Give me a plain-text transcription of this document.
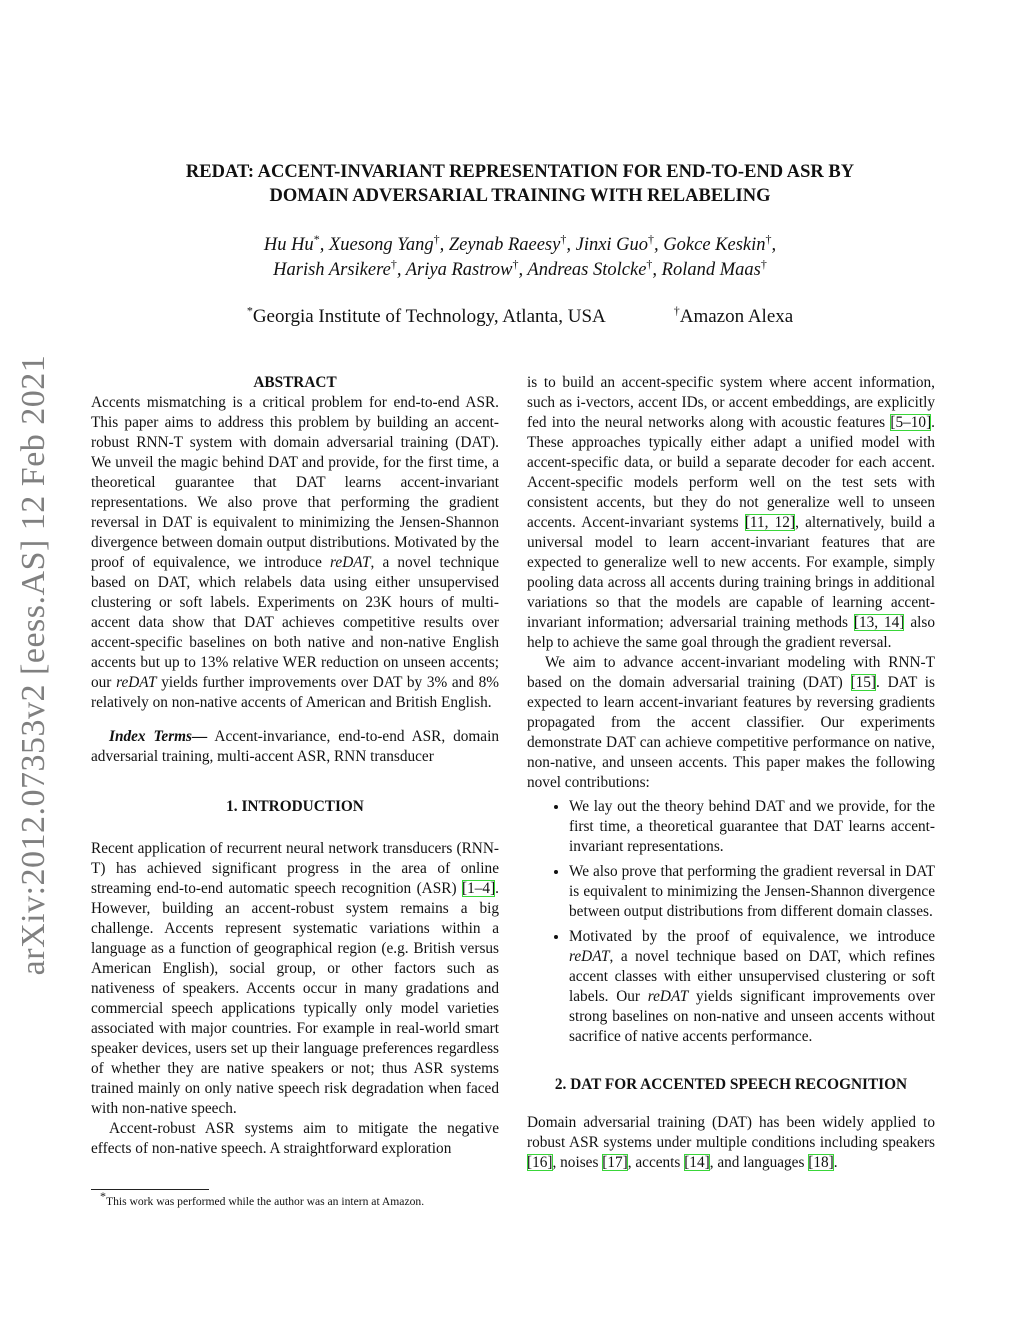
arXiv:2012.07353v2 [eess.AS] 12 Feb 2021
REDAT: ACCENT-INVARIANT REPRESENTATION FOR END-TO-END ASR BY
DOMAIN ADVERSARIAL TRAINING WITH RELABELING
Hu Hu*, Xuesong Yang†, Zeynab Raeesy†, Jinxi Guo†, Gokce Keskin†,
Harish Arsikere†, Ariya Rastrow†, Andreas Stolcke†, Roland Maas†
*Georgia Institute of Technology, Atlanta, USA	†Amazon Alexa
ABSTRACT

Accents mismatching is a critical problem for end-to-end ASR. This paper aims to address this problem by building an accent-robust RNN-T system with domain adversarial training (DAT). We unveil the magic behind DAT and provide, for the first time, a theoretical guarantee that DAT learns accent-invariant representations. We also prove that performing the gradient reversal in DAT is equivalent to minimizing the Jensen-Shannon divergence between domain output distributions. Motivated by the proof of equivalence, we introduce reDAT, a novel technique based on DAT, which relabels data using either unsupervised clustering or soft labels. Experiments on 23K hours of multi-accent data show that DAT achieves competitive results over accent-specific baselines on both native and non-native English accents but up to 13% relative WER reduction on unseen accents; our reDAT yields further improvements over DAT by 3% and 8% relatively on non-native accents of American and British English.

Index Terms— Accent-invariance, end-to-end ASR, domain adversarial training, multi-accent ASR, RNN transducer

1. INTRODUCTION

Recent application of recurrent neural network transducers (RNN-T) has achieved significant progress in the area of online streaming end-to-end automatic speech recognition (ASR) [1–4]. However, building an accent-robust system remains a big challenge. Accents represent systematic variations within a language as a function of geographical region (e.g. British versus American English), social group, or other factors such as nativeness of speakers. Accents occur in many gradations and commercial speech applications typically only model varieties associated with major countries. For example in real-world smart speaker devices, users set up their language preferences regardless of whether they are native speakers or not; thus ASR systems trained mainly on only native speech risk degradation when faced with non-native speech.

Accent-robust ASR systems aim to mitigate the negative effects of non-native speech. A straightforward exploration

*This work was performed while the author was an intern at Amazon.

is to build an accent-specific system where accent information, such as i-vectors, accent IDs, or accent embeddings, are explicitly fed into the neural networks along with acoustic features [5–10]. These approaches typically either adapt a unified model with accent-specific data, or build a separate decoder for each accent. Accent-specific models perform well on the test sets with consistent accents, but they do not generalize well to unseen accents. Accent-invariant systems [11, 12], alternatively, build a universal model to learn accent-invariant features that are expected to generalize well to new accents. For example, simply pooling data across all accents during training brings in additional variations so that the models are capable of learning accent-invariant information; adversarial training methods [13, 14] also help to achieve the same goal through the gradient reversal.

We aim to advance accent-invariant modeling with RNN-T based on the domain adversarial training (DAT) [15]. DAT is expected to learn accent-invariant features by reversing gradients propagated from the accent classifier. Our experiments demonstrate DAT can achieve competitive performance on native, non-native, and unseen accents. This paper makes the following novel contributions:

• We lay out the theory behind DAT and we provide, for the first time, a theoretical guarantee that DAT learns accent-invariant representations.
• We also prove that performing the gradient reversal in DAT is equivalent to minimizing the Jensen-Shannon divergence between output distributions from different domain classes.
• Motivated by the proof of equivalence, we introduce reDAT, a novel technique based on DAT, which refines accent classes with either unsupervised clustering or soft labels. Our reDAT yields significant improvements over strong baselines on non-native and unseen accents without sacrifice of native accents performance.
2. DAT FOR ACCENTED SPEECH RECOGNITION

Domain adversarial training (DAT) has been widely applied to robust ASR systems under multiple conditions including speakers [16], noises [17], accents [14], and languages [18].
